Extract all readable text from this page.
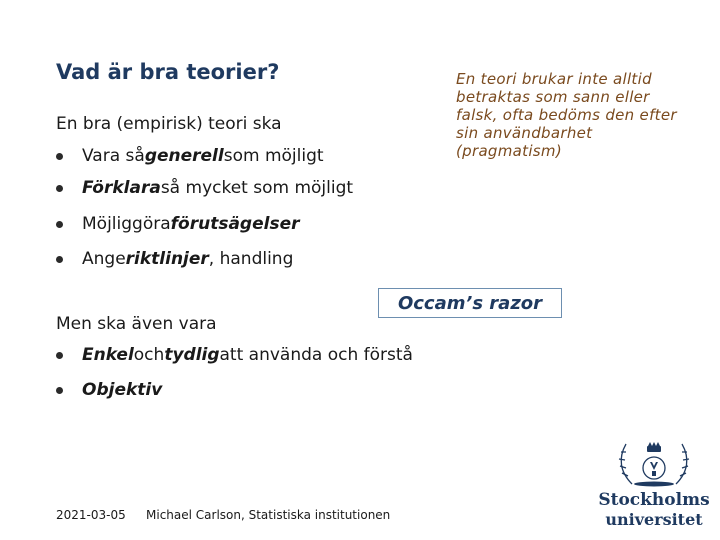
Vad är bra teorier?	En teori brukar inte alltid betraktas som sann eller falsk, ofta bedöms den efter sin användbarhet (pragmatism)
En bra (empirisk) teori ska
Vara så generell som möjligt
Förklara så mycket som möjligt
Möjliggöra förutsägelser
Ange riktlinjer , handling
Occam’s razor
Men ska även vara
Enkel och tydlig att använda och förstå
Objektiv
2021-03-05 Michael Carlson, Statistiska institutionen
Stockholms
universitet
